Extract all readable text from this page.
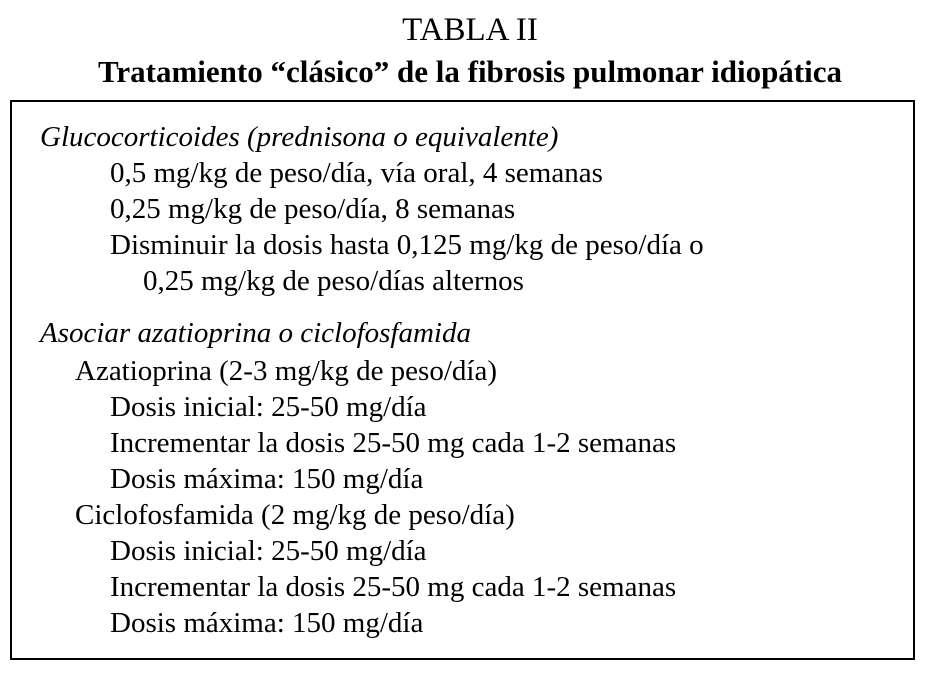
TABLA II
Tratamiento “clásico” de la fibrosis pulmonar idiopática
Glucocorticoides (prednisona o equivalente)
0,5 mg/kg de peso/día, vía oral, 4 semanas
0,25 mg/kg de peso/día, 8 semanas
Disminuir la dosis hasta 0,125 mg/kg de peso/día o
0,25 mg/kg de peso/días alternos
Asociar azatioprina o ciclofosfamida
Azatioprina (2-3 mg/kg de peso/día)
Dosis inicial: 25-50 mg/día
Incrementar la dosis 25-50 mg cada 1-2 semanas
Dosis máxima: 150 mg/día
Ciclofosfamida (2 mg/kg de peso/día)
Dosis inicial: 25-50 mg/día
Incrementar la dosis 25-50 mg cada 1-2 semanas
Dosis máxima: 150 mg/día
